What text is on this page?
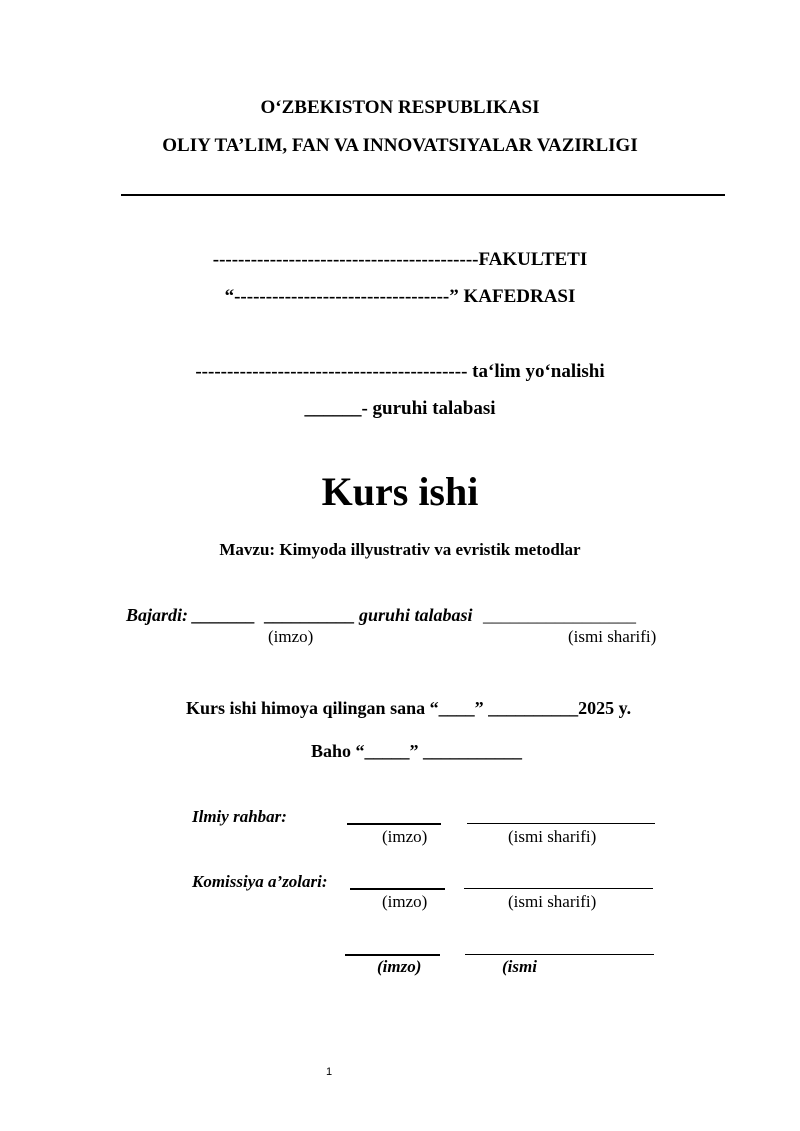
O‘ZBEKISTON RESPUBLIKASI
OLIY TA’LIM, FAN VA INNOVATSIYALAR VAZIRLIGI
------------------------------------------FAKULTETI
“----------------------------------” KAFEDRASI
------------------------------------------- ta‘lim yo‘nalishi
______- guruhi talabasi
Kurs ishi
Mavzu: Kimyoda illyustrativ va evristik metodlar
Bajardi: _______ __________ guruhi talabasi _________________
(imzo)	(ismi sharifi)
Kurs ishi himoya qilingan sana “____” __________2025 y.
Baho “_____” ___________
Ilmiy rahbar:
(imzo)	(ismi sharifi)
Komissiya a’zolari:
(imzo)	(ismi sharifi)
(imzo)	(ismi
1
